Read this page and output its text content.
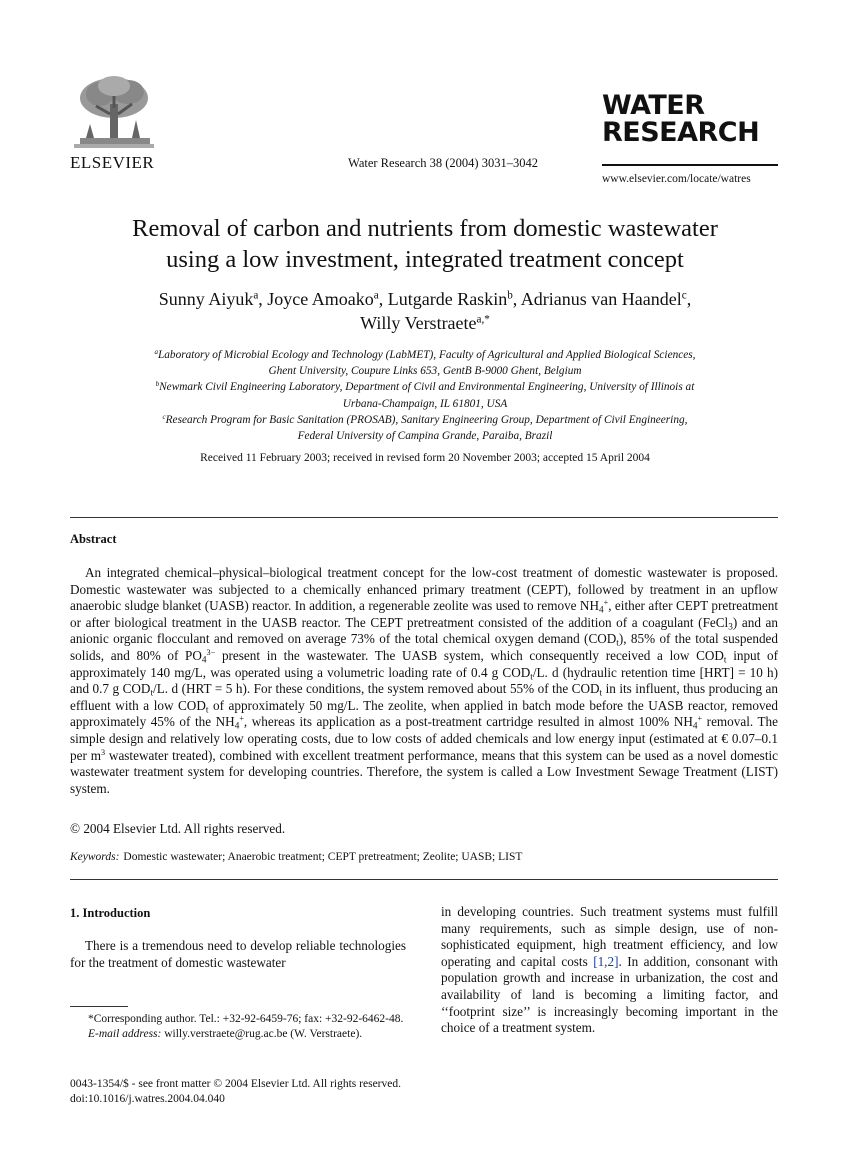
ELSEVIER	Water Research 38 (2004) 3031–3042
WATER
RESEARCH
www.elsevier.com/locate/watres
Removal of carbon and nutrients from domestic wastewater
using a low investment, integrated treatment concept
Sunny Aiyuk$^a$, Joyce Amoako$^a$, Lutgarde Raskin$^b$, Adrianus van Haandel$^c$,
Willy Verstraete$^{a,*}$

$^a$Laboratory of Microbial Ecology and Technology (LabMET), Faculty of Agricultural and Applied Biological Sciences,

Ghent University, Coupure Links 653, GentB B-9000 Ghent, Belgium

$^b$Newmark Civil Engineering Laboratory, Department of Civil and Environmental Engineering, University of Illinois at

Urbana-Champaign, IL 61801, USA

$^c$Research Program for Basic Sanitation (PROSAB), Sanitary Engineering Group, Department of Civil Engineering,

Federal University of Campina Grande, Paraiba, Brazil

Received 11 February 2003; received in revised form 20 November 2003; accepted 15 April 2004
Abstract

An integrated chemical–physical–biological treatment concept for the low-cost treatment of domestic wastewater is proposed. Domestic wastewater was subjected to a chemically enhanced primary treatment (CEPT), followed by treatment in an upflow anaerobic sludge blanket (UASB) reactor. In addition, a regenerable zeolite was used to remove $NH_4^+$, either after CEPT pretreatment or after biological treatment in the UASB reactor. The CEPT pretreatment consisted of the addition of a coagulant (FeCl$_3$) and an anionic organic flocculant and removed on average 73% of the total chemical oxygen demand $(COD_t)$, 85% of the total suspended solids, and 80% of $PO_4^{3-}$ present in the wastewater. The UASB system, which consequently received a low $COD_t$ input of approximately 140 mg/L, was operated using a volumetric loading rate of 0.4 g $COD_t/L$. d (hydraulic retention time [HRT] = 10 h) and 0.7 g $COD_t/L$. d (HRT = 5 h). For these conditions, the system removed about 55% of the $COD_t$ in its influent, thus producing an effluent with a low $COD_t$ of approximately 50 mg/L. The zeolite, when applied in batch mode before the UASB reactor, removed approximately 45% of the $NH_4^+$, whereas its application as a post-treatment cartridge resulted in almost 100% $NH_4^+$ removal. The simple design and relatively low operating costs, due to low costs of added chemicals and low energy input (estimated at € 0.07–0.1 per $m^3$ wastewater treated), combined with excellent treatment performance, means that this system can be used as a novel domestic wastewater treatment system for developing countries. Therefore, the system is called a Low Investment Sewage Treatment (LIST) system.

© 2004 Elsevier Ltd. All rights reserved.
Keywords: Domestic wastewater; Anaerobic treatment; CEPT pretreatment; Zeolite; UASB; LIST
1. Introduction
There is a tremendous need to develop reliable technologies for the treatment of domestic wastewater

*Corresponding author. Tel.: +32-92-6459-76; fax: +32-92-6462-48.

E-mail address: willy.verstraete@rug.ac.be (W. Verstraete).

in developing countries. Such treatment systems must fulfill many requirements, such as simple design, use of non-sophisticated equipment, high treatment efficiency, and low operating and capital costs [1,2]. In addition, consonant with population growth and increase in urbanization, the cost and availability of land is becoming a limiting factor, and ‘‘footprint size’’ is increasingly becoming important in the choice of a treatment system.
0043-1354/$ - see front matter © 2004 Elsevier Ltd. All rights reserved.
doi:10.1016/j.watres.2004.04.040
